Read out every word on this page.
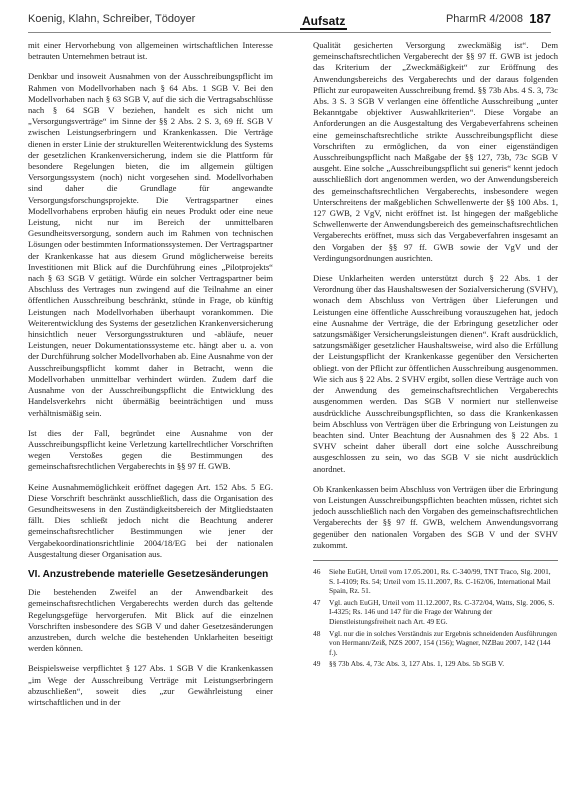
Koenig, Klahn, Schreiber, Tödoyer	Aufsatz	PharmR 4/2008 187

mit einer Hervorhebung von allgemeinen wirtschaftlichen Interesse betrauten Unternehmen betraut ist.

Denkbar und insoweit Ausnahmen von der Ausschreibungspflicht im Rahmen von Modellvorhaben nach § 64 Abs. 1 SGB V. Bei den Modellvorhaben nach § 63 SGB V, auf die sich die Vertragsabschlüsse nach § 64 SGB V beziehen, handelt es sich nicht um „Versorgungsverträge“ im Sinne der §§ 2 Abs. 2 S. 3, 69 ff. SGB V zwischen Leistungserbringern und Krankenkassen. Die Verträge dienen in erster Linie der strukturellen Weiterentwicklung des Systems der gesetzlichen Krankenversicherung, indem sie die Plattform für besondere Regelungen bieten, die im allgemein gültigen Versorgungssystem (noch) nicht vorgesehen sind. Modellvorhaben sind daher die Grundlage für angewandte Versorgungsforschungsprojekte. Die Vertragspartner eines Modellvorhabens erproben häufig ein neues Produkt oder eine neue Leistung, nicht nur im Bereich der unmittelbaren Gesundheitsversorgung, sondern auch im Rahmen von technischen Lösungen oder bestimmten Informationssystemen. Der Vertragspartner der Krankenkasse hat aus diesem Grund möglicherweise bereits Investitionen mit Blick auf die Durchführung eines „Pilotprojekts“ nach § 63 SGB V getätigt. Würde ein solcher Vertragspartner beim Abschluss des Vertrages nun zwingend auf die Teilnahme an einer öffentlichen Ausschreibung beschränkt, stünde in Frage, ob künftig Leistungen nach Modellvorhaben überhaupt vorankommen. Die Weiterentwicklung des Systems der gesetzlichen Krankenversicherung hinsichtlich neuer Versorgungsstrukturen und -abläufe, neuer Leistungen, neuer Dokumentationssysteme etc. hängt aber u. a. von der Durchführung solcher Modellvorhaben ab. Eine Ausnahme von der Ausschreibungspflicht kommt daher in Betracht, wenn die Modellvorhaben unmittelbar verhindert würden. Zudem darf die Ausnahme von der Ausschreibungspflicht die Entwicklung des Handelsverkehrs nicht übermäßig beeinträchtigen und muss verhältnismäßig sein.

Ist dies der Fall, begründet eine Ausnahme von der Ausschreibungspflicht keine Verletzung kartellrechtlicher Vorschriften wegen Verstoßes gegen die Bestimmungen des gemeinschaftsrechtlichen Vergaberechts in §§ 97 ff. GWB.

Keine Ausnahmemöglichkeit eröffnet dagegen Art. 152 Abs. 5 EG. Diese Vorschrift beschränkt ausschließlich, dass die Organisation des Gesundheitswesens in den Zuständigkeitsbereich der Mitgliedstaaten fällt. Dies schließt jedoch nicht die Beachtung anderer gemeinschaftsrechtlicher Bestimmungen wie jener der Vergabekoordinationsrichtlinie 2004/18/EG bei der nationalen Ausgestaltung dieser Organisation aus.

VI. Anzustrebende materielle Gesetzesänderungen

Die bestehenden Zweifel an der Anwendbarkeit des gemeinschaftsrechtlichen Vergaberechts werden durch das geltende Regelungsgefüge hervorgerufen. Mit Blick auf die einzelnen Vorschriften insbesondere des SGB V und daher Gesetzesänderungen anzustreben, durch welche die bestehenden Unklarheiten beseitigt werden können.

Beispielsweise verpflichtet § 127 Abs. 1 SGB V die Krankenkassen „im Wege der Ausschreibung Verträge mit Leistungserbringern abzuschließen“, soweit dies „zur Gewährleistung einer wirtschaftlichen und in der

Qualität gesicherten Versorgung zweckmäßig ist“. Dem gemeinschaftsrechtlichen Vergaberecht der §§ 97 ff. GWB ist jedoch das Kriterium der „Zweckmäßigkeit“ zur Eröffnung des Anwendungsbereichs des Vergaberechts und der daraus folgenden Pflicht zur europaweiten Ausschreibung fremd. §§ 73b Abs. 4 S. 3, 73c Abs. 3 S. 3 SGB V verlangen eine öffentliche Ausschreibung „unter Bekanntgabe objektiver Auswahlkriterien“. Diese Vorgabe an Anforderungen an die Ausgestaltung des Vergabeverfahrens scheinen eine gemeinschaftsrechtliche strikte Ausschreibungspflicht diese Vorschriften zu ermöglichen, da von einer eigenständigen Ausschreibungspflicht nach Maßgabe der §§ 127, 73b, 73c SGB V ausgeht. Eine solche „Ausschreibungspflicht sui generis“ kennt jedoch ausschließlich dort angenommen werden, wo der Anwendungsbereich des gemeinschaftsrechtlichen Vergaberechts, insbesondere wegen Unterschreitens der maßgeblichen Schwellenwerte der §§ 100 Abs. 1, 127 GWB, 2 VgV, nicht eröffnet ist. Ist hingegen der maßgebliche Schwellenwerte der Anwendungsbereich des gemeinschaftsrechtlichen Vergaberechts eröffnet, muss sich das Vergabeverfahren insgesamt an den Vorgaben der §§ 97 ff. GWB sowie der VgV und der Verdingungsordnungen ausrichten.

Diese Unklarheiten werden unterstützt durch § 22 Abs. 1 der Verordnung über das Haushaltswesen der Sozialversicherung (SVHV), wonach dem Abschluss von Verträgen über Lieferungen und Leistungen eine öffentliche Ausschreibung vorauszugehen hat, jedoch eine Ausnahme der Verträge, die der Erbringung gesetzlicher oder satzungsmäßiger Versicherungsleistungen dienen“. Kraft ausdrücklich, satzungsmäßiger gesetzlicher Haushaltsweise, wird also die Erfüllung der Leistungspflicht der Krankenkasse gegenüber den Versicherten obliegt. von der Pflicht zur öffentlichen Ausschreibung ausgenommen. Wie sich aus § 22 Abs. 2 SVHV ergibt, sollen diese Verträge auch von der Anwendung des gemeinschaftsrechtlichen Vergaberechts ausgenommen werden. Das SGB V normiert nur stellenweise ausdrückliche Ausschreibungspflichten, so dass die Krankenkassen beim Abschluss von Verträgen über die Erbringung von Leistungen zu beachten sind. Unter Beachtung der Ausnahmen des § 22 Abs. 1 SVHV scheint daher überall dort eine solche Ausschreibung ausgeschlossen zu sein, wo das SGB V sie nicht ausdrücklich anordnet.

Ob Krankenkassen beim Abschluss von Verträgen über die Erbringung von Leistungen Ausschreibungspflichten beachten müssen, richtet sich jedoch ausschließlich nach den Vorgaben des gemeinschaftsrechtlichen Vergaberechts der §§ 97 ff. GWB, welchem Anwendungsvorrang gegenüber den nationalen Vorgaben des SGB V und der SVHV zukommt.

46	Siehe EuGH, Urteil vom 17.05.2001, Rs. C-340/99, TNT Traco, Slg. 2001, S. I-4109; Rs. 54; Urteil vom 15.11.2007, Rs. C-162/06, International Mail Spain, Rz. 51.
47	Vgl. auch EuGH, Urteil vom 11.12.2007, Rs. C-372/04, Watts, Slg. 2006, S. I-4325; Rs. 146 und 147 für die Frage der Wahrung der Dienstleistungsfreiheit nach Art. 49 EG.
48	Vgl. nur die in solches Verständnis zur Ergebnis schneidenden Ausführungen von Hermann/Zeiß, NZS 2007, 154 (156); Wagner, NZBau 2007, 142 (144 f.).
49	§§ 73b Abs. 4, 73c Abs. 3, 127 Abs. 1, 129 Abs. 5b SGB V.
